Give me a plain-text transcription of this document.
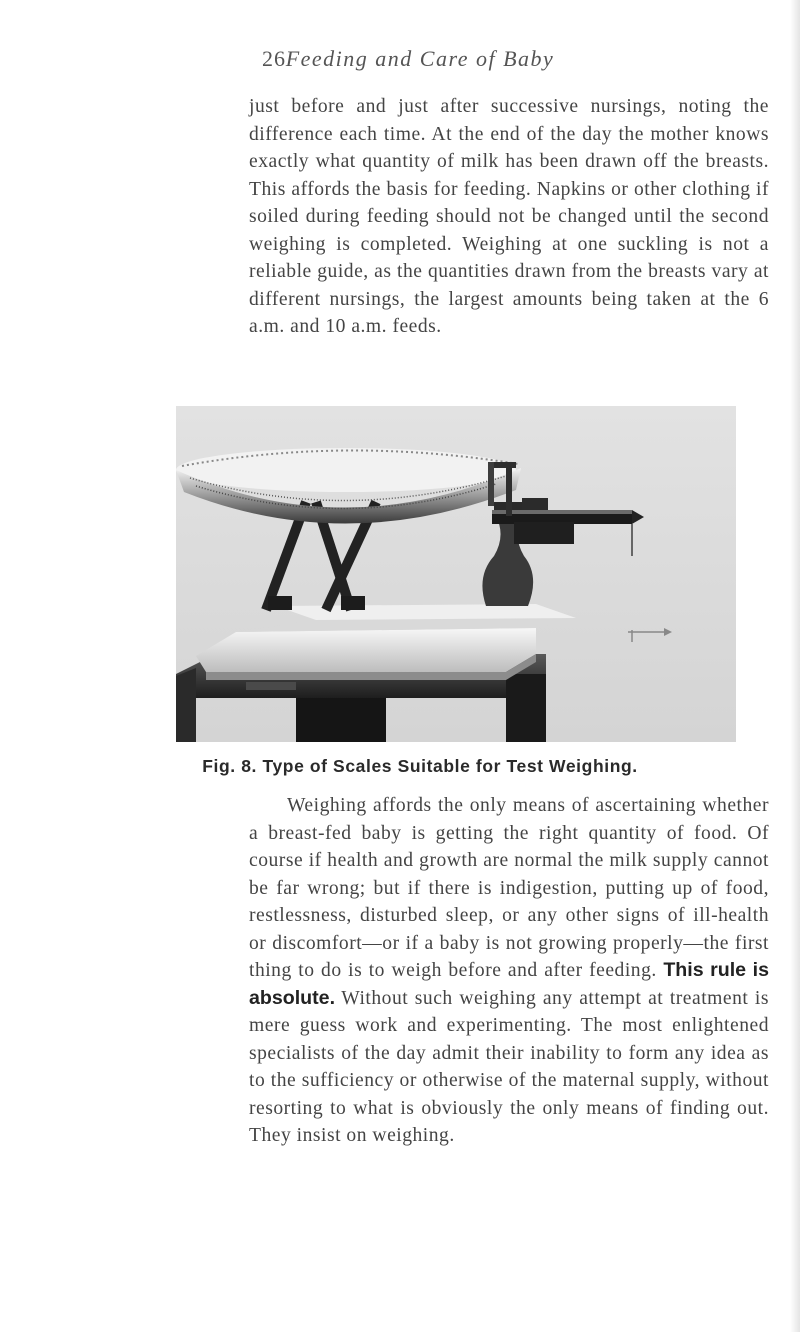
26 Feeding and Care of Baby

just before and just after successive nursings, noting the difference each time. At the end of the day the mother knows exactly what quantity of milk has been drawn off the breasts. This affords the basis for feeding. Napkins or other clothing if soiled during feeding should not be changed until the second weighing is completed. Weighing at one suckling is not a reliable guide, as the quantities drawn from the breasts vary at different nursings, the largest amounts being taken at the 6 a.m. and 10 a.m. feeds.

Fig. 8. Type of Scales Suitable for Test Weighing.

Weighing affords the only means of ascertaining whether a breast-fed baby is getting the right quantity of food. Of course if health and growth are normal the milk supply cannot be far wrong; but if there is indigestion, putting up of food, restlessness, disturbed sleep, or any other signs of ill-health or discomfort—or if a baby is not growing properly—the first thing to do is to weigh before and after feeding. This rule is absolute. Without such weighing any attempt at treatment is mere guess work and experimenting. The most enlightened specialists of the day admit their inability to form any idea as to the sufficiency or otherwise of the maternal supply, without resorting to what is obviously the only means of finding out. They insist on weighing.
